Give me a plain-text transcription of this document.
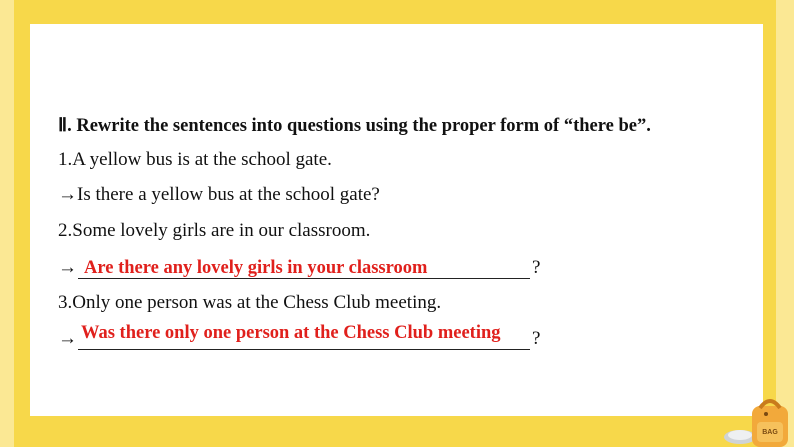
Ⅱ. Rewrite the sentences into questions using the proper form of “there be”.
1.A yellow bus is at the school gate.
→Is there a yellow bus at the school gate?
2.Some lovely girls are in our classroom.
→ Are there any lovely girls in your classroom	?
3.Only one person was at the Chess Club meeting.
→ Was there only one person at the Chess Club meeting ?
BAG
